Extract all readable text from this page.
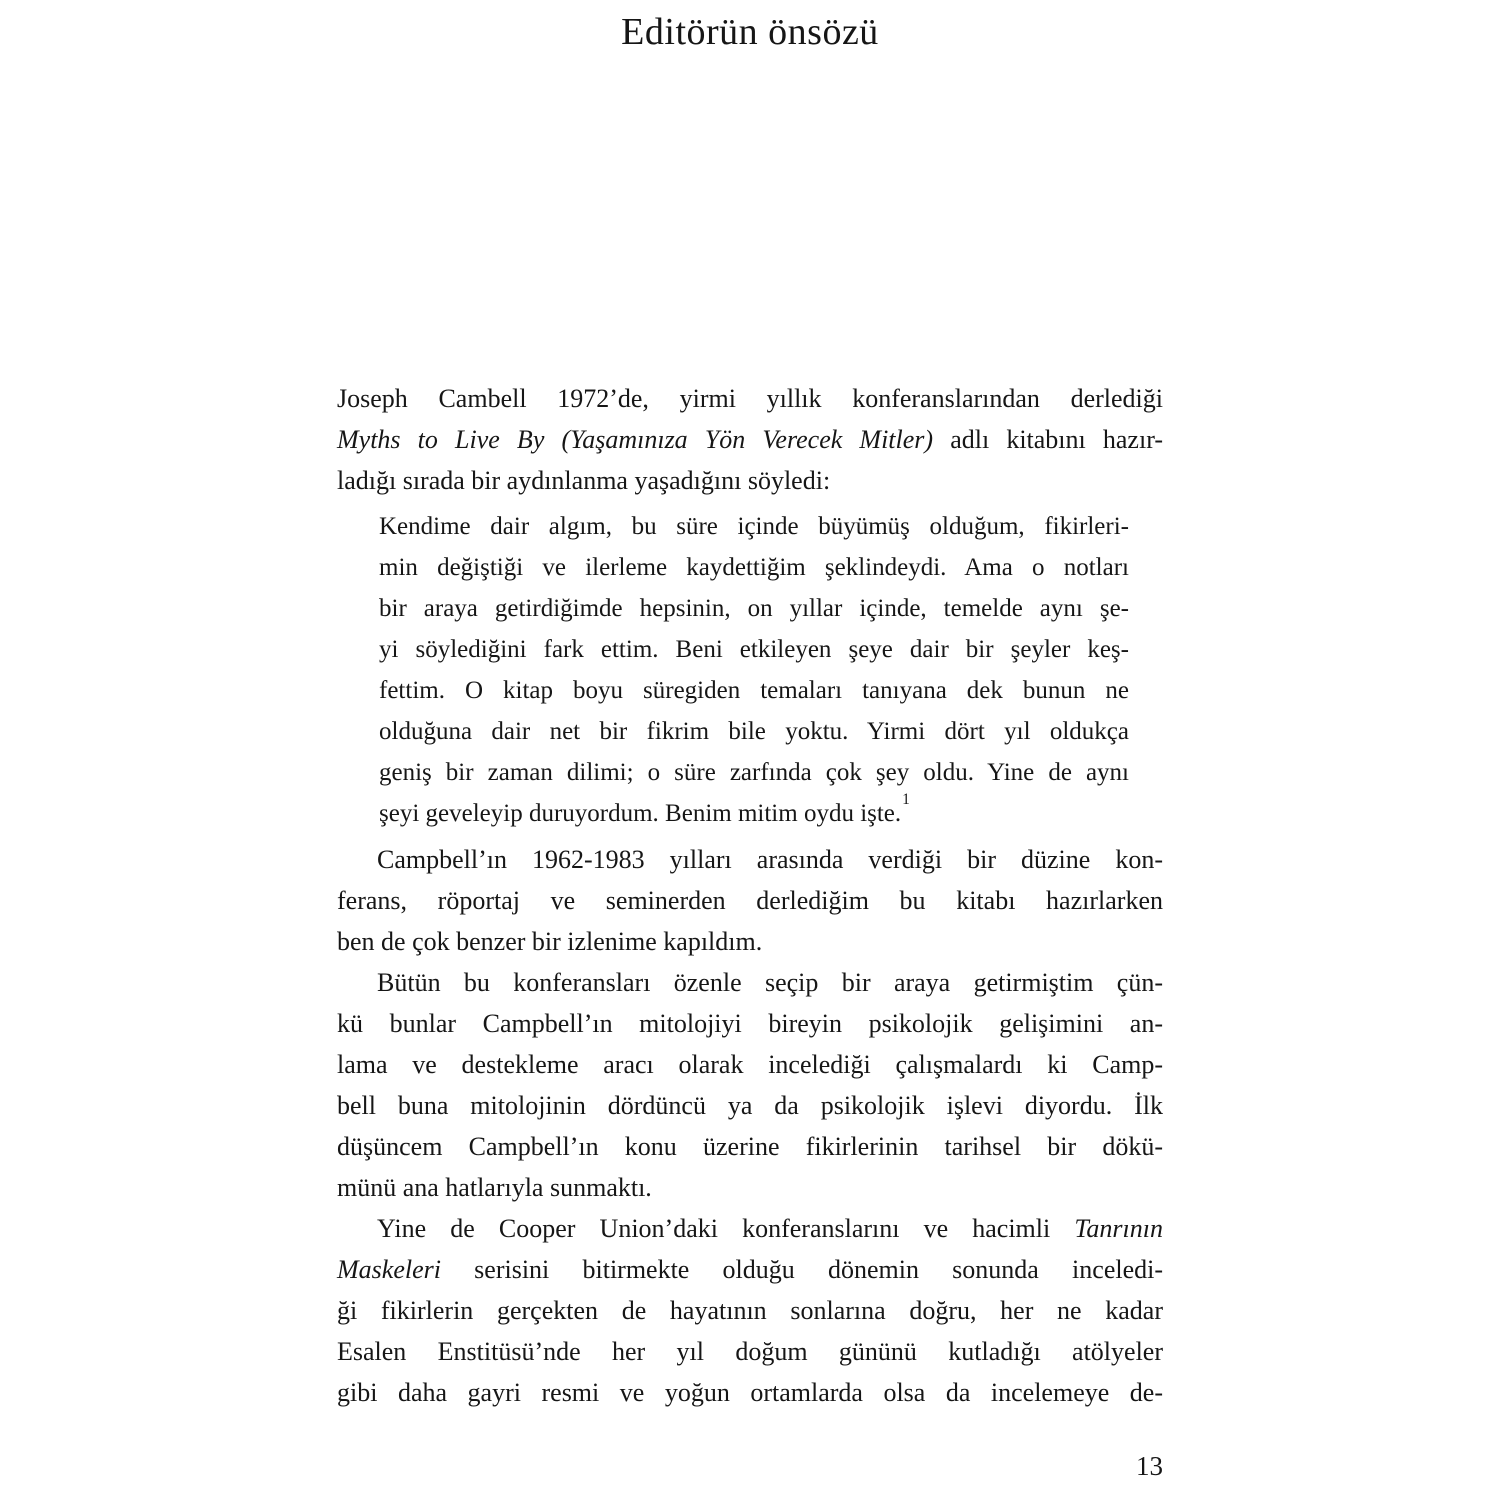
Editörün önsözü
Joseph Cambell 1972’de, yirmi yıllık konferanslarından derlediği
Myths to Live By (Yaşamınıza Yön Verecek Mitler) adlı kitabını hazır-
ladığı sırada bir aydınlanma yaşadığını söyledi:
Kendime dair algım, bu süre içinde büyümüş olduğum, fikirleri-
min değiştiği ve ilerleme kaydettiğim şeklindeydi. Ama o notları
bir araya getirdiğimde hepsinin, on yıllar içinde, temelde aynı şe-
yi söylediğini fark ettim. Beni etkileyen şeye dair bir şeyler keş-
fettim. O kitap boyu süregiden temaları tanıyana dek bunun ne
olduğuna dair net bir fikrim bile yoktu. Yirmi dört yıl oldukça
geniş bir zaman dilimi; o süre zarfında çok şey oldu. Yine de aynı
şeyi geveleyip duruyordum. Benim mitim oydu işte.$^1$
Campbell’ın 1962-1983 yılları arasında verdiği bir düzine kon-
ferans, röportaj ve seminerden derlediğim bu kitabı hazırlarken
ben de çok benzer bir izlenime kapıldım.
Bütün bu konferansları özenle seçip bir araya getirmiştim çün-
kü bunlar Campbell’ın mitolojiyi bireyin psikolojik gelişimini an-
lama ve destekleme aracı olarak incelediği çalışmalardı ki Camp-
bell buna mitolojinin dördüncü ya da psikolojik işlevi diyordu. İlk
düşüncem Campbell’ın konu üzerine fikirlerinin tarihsel bir dökü-
münü ana hatlarıyla sunmaktı.
Yine de Cooper Union’daki konferanslarını ve hacimli Tanrının
Maskeleri serisini bitirmekte olduğu dönemin sonunda inceledi-
ği fikirlerin gerçekten de hayatının sonlarına doğru, her ne kadar
Esalen Enstitüsü’nde her yıl doğum gününü kutladığı atölyeler
gibi daha gayri resmi ve yoğun ortamlarda olsa da incelemeye de-
13
